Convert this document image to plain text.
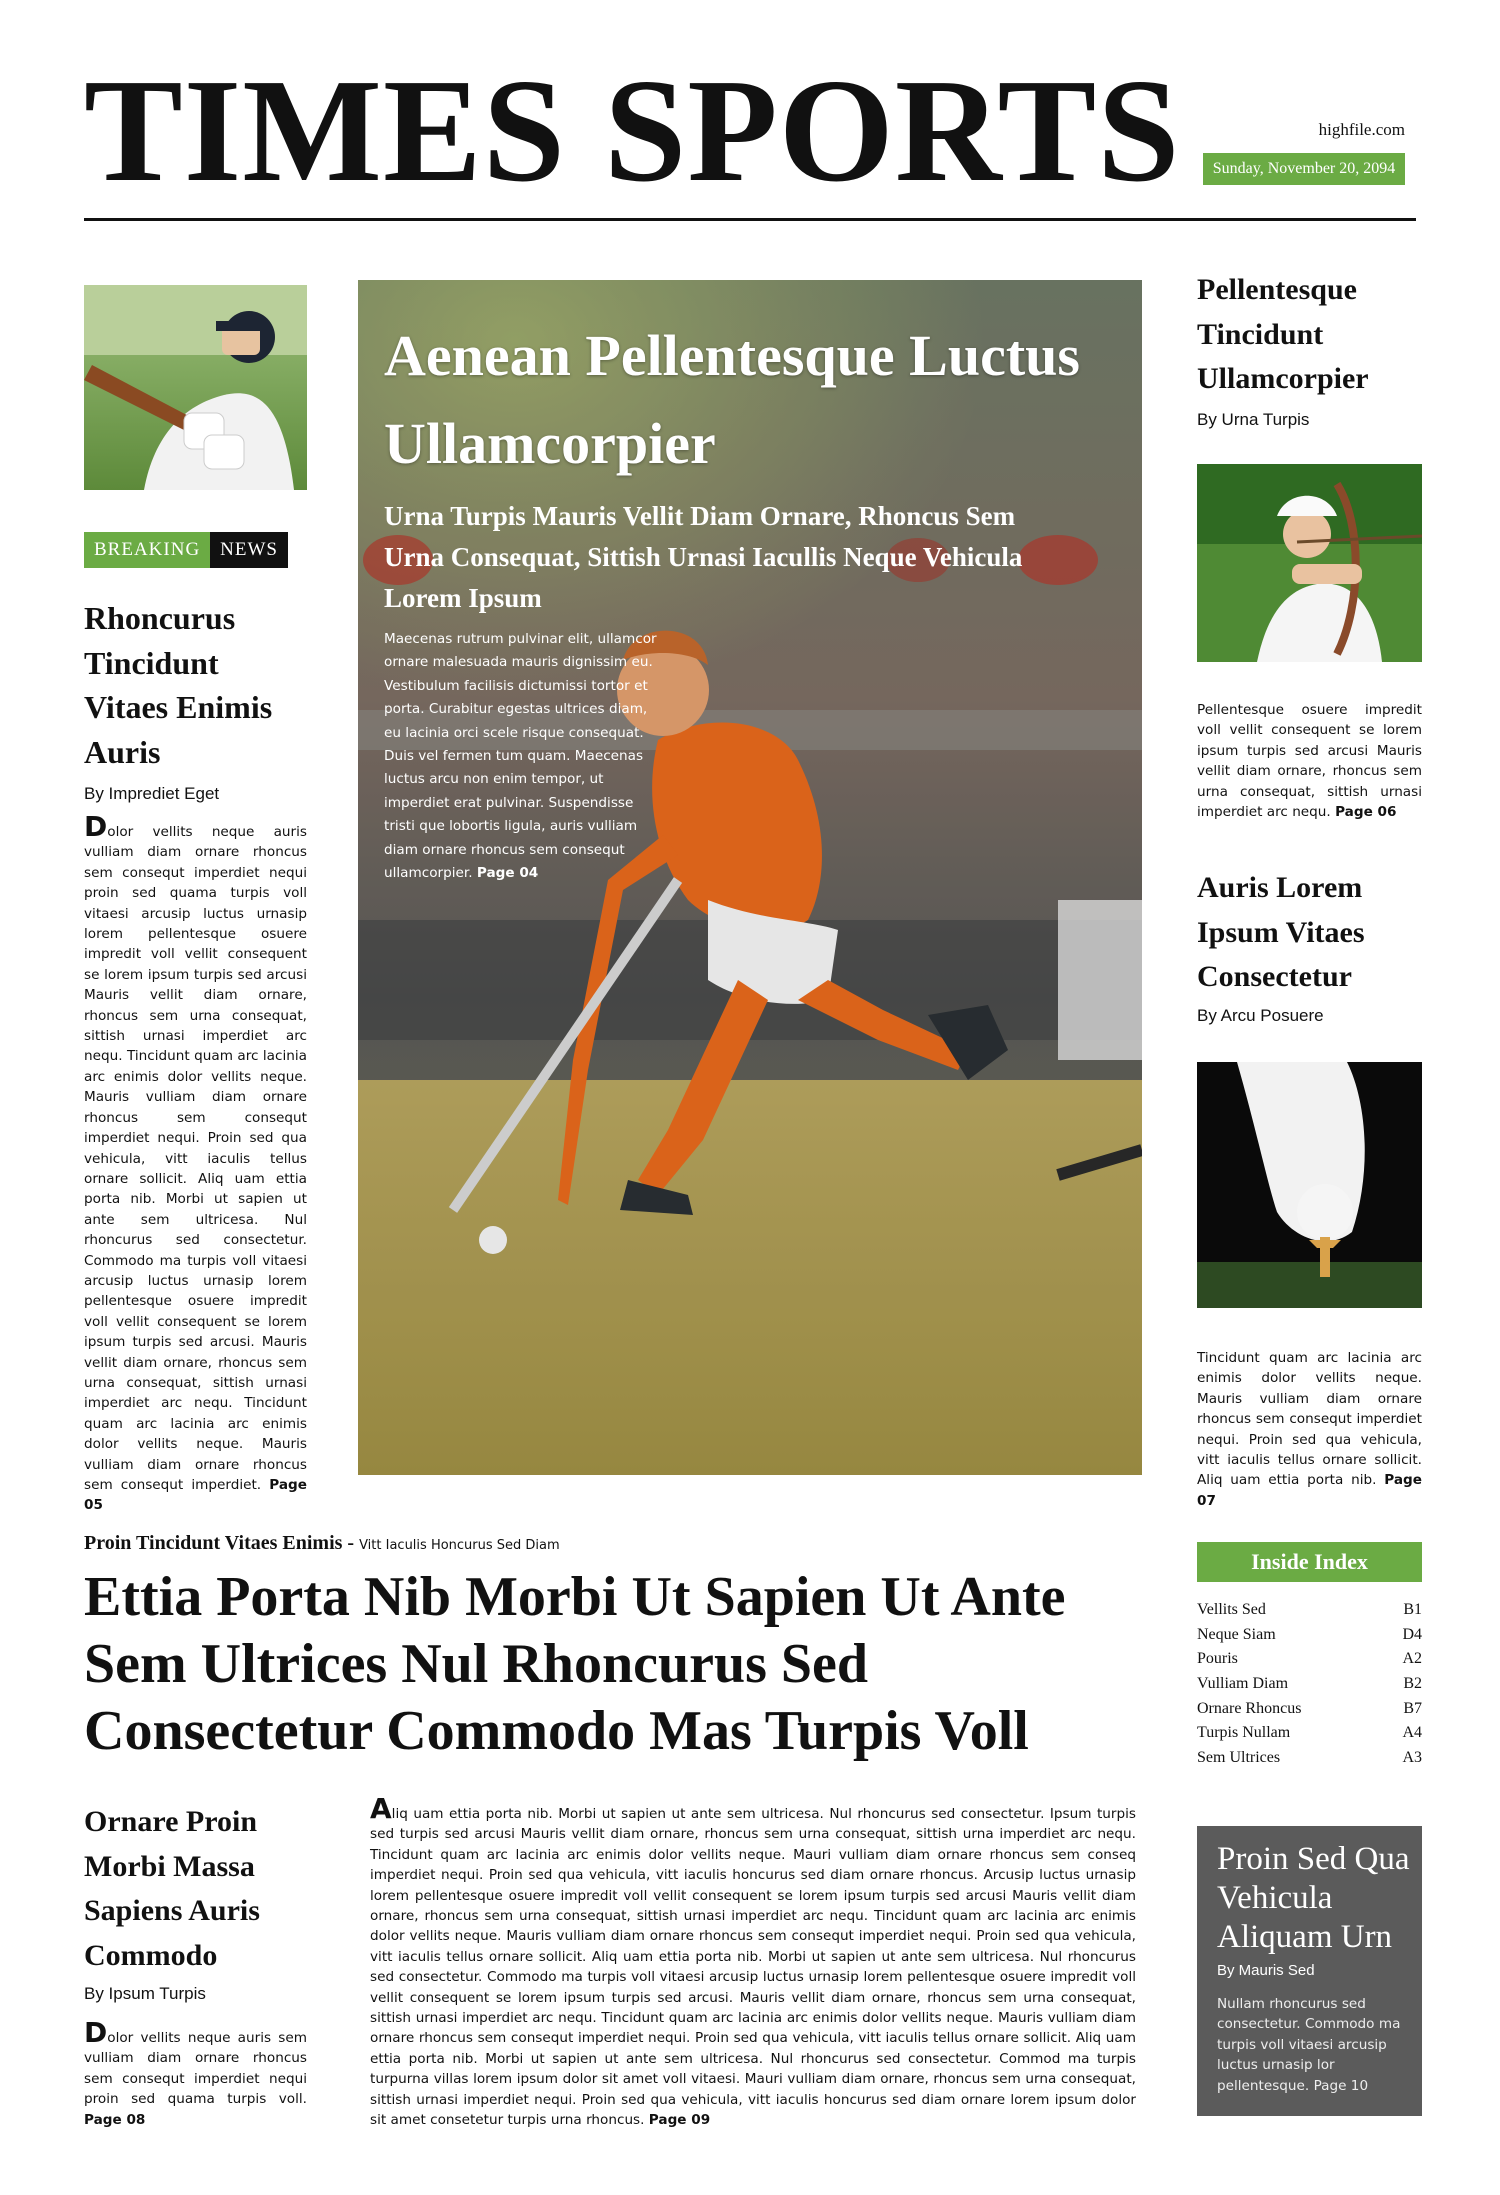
TIMES SPORTS	highfile.com
Sunday, November 20, 2094
BREAKING	NEWS
Rhoncurus Tincidunt Vitaes Enimis Auris
By Imprediet Eget
Dolor vellits neque auris vulliam diam ornare rhoncus sem consequt imperdiet nequi proin sed quama turpis voll vitaesi arcusip luctus urnasip lorem pellentesque osuere impredit voll vellit consequent se lorem ipsum turpis sed arcusi Mauris vellit diam ornare, rhoncus sem urna consequat, sittish urnasi imperdiet arc nequ. Tincidunt quam arc lacinia arc enimis dolor vellits neque. Mauris vulliam diam ornare rhoncus sem consequt imperdiet nequi. Proin sed qua vehicula, vitt iaculis tellus ornare sollicit. Aliq uam ettia porta nib. Morbi ut sapien ut ante sem ultricesa. Nul rhoncurus sed consectetur. Commodo ma turpis voll vitaesi arcusip luctus urnasip lorem pellentesque osuere impredit voll vellit consequent se lorem ipsum turpis sed arcusi. Mauris vellit diam ornare, rhoncus sem urna consequat, sittish urnasi imperdiet arc nequ. Tincidunt quam arc lacinia arc enimis dolor vellits neque. Mauris vulliam diam ornare rhoncus sem consequt imperdiet. Page 05
Aenean Pellentesque Luctus Ullamcorpier
Urna Turpis Mauris Vellit Diam Ornare, Rhoncus Sem Urna Consequat, Sittish Urnasi Iacullis Neque Vehicula Lorem Ipsum
Maecenas rutrum pulvinar elit, ullamcor ornare malesuada mauris dignissim eu. Vestibulum facilisis dictumissi tortor et porta. Curabitur egestas ultrices diam, eu lacinia orci scele risque consequat. Duis vel fermen tum quam. Maecenas luctus arcu non enim tempor, ut imperdiet erat pulvinar. Suspendisse tristi que lobortis ligula, auris vulliam diam ornare rhoncus sem consequt ullamcorpier. Page 04
Pellentesque Tincidunt Ullamcorpier
By Urna Turpis
Pellentesque osuere impredit voll vellit consequent se lorem ipsum turpis sed arcusi Mauris vellit diam ornare, rhoncus sem urna consequat, sittish urnasi imperdiet arc nequ. Page 06
Auris Lorem Ipsum Vitaes Consectetur
By Arcu Posuere
Tincidunt quam arc lacinia arc enimis dolor vellits neque. Mauris vulliam diam ornare rhoncus sem consequt imperdiet nequi. Proin sed qua vehicula, vitt iaculis tellus ornare sollicit. Aliq uam ettia porta nib. Page 07
Proin Tincidunt Vitaes Enimis - Vitt Iaculis Honcurus Sed Diam
Ettia Porta Nib Morbi Ut Sapien Ut Ante Sem Ultrices Nul Rhoncurus Sed Consectetur Commodo Mas Turpis Voll
Ornare Proin Morbi Massa Sapiens Auris Commodo
By Ipsum Turpis
Dolor vellits neque auris sem vulliam diam ornare rhoncus sem consequt imperdiet nequi proin sed quama turpis voll. Page 08
Aliq uam ettia porta nib. Morbi ut sapien ut ante sem ultricesa. Nul rhoncurus sed consectetur. Ipsum turpis sed turpis sed arcusi Mauris vellit diam ornare, rhoncus sem urna consequat, sittish urna imperdiet arc nequ. Tincidunt quam arc lacinia arc enimis dolor vellits neque. Mauri vulliam diam ornare rhoncus sem conseq imperdiet nequi. Proin sed qua vehicula, vitt iaculis honcurus sed diam ornare rhoncus. Arcusip luctus urnasip lorem pellentesque osuere impredit voll vellit consequent se lorem ipsum turpis sed arcusi Mauris vellit diam ornare, rhoncus sem urna consequat, sittish urnasi imperdiet arc nequ. Tincidunt quam arc lacinia arc enimis dolor vellits neque. Mauris vulliam diam ornare rhoncus sem consequt imperdiet nequi. Proin sed qua vehicula, vitt iaculis tellus ornare sollicit. Aliq uam ettia porta nib. Morbi ut sapien ut ante sem ultricesa. Nul rhoncurus sed consectetur. Commodo ma turpis voll vitaesi arcusip luctus urnasip lorem pellentesque osuere impredit voll vellit consequent se lorem ipsum turpis sed arcusi. Mauris vellit diam ornare, rhoncus sem urna consequat, sittish urnasi imperdiet arc nequ. Tincidunt quam arc lacinia arc enimis dolor vellits neque. Mauris vulliam diam ornare rhoncus sem consequt imperdiet nequi. Proin sed qua vehicula, vitt iaculis tellus ornare sollicit. Aliq uam ettia porta nib. Morbi ut sapien ut ante sem ultricesa. Nul rhoncurus sed consectetur. Commod ma turpis turpurna villas lorem ipsum dolor sit amet voll vitaesi. Mauri vulliam diam ornare, rhoncus sem urna consequat, sittish urnasi imperdiet nequi. Proin sed qua vehicula, vitt iaculis honcurus sed diam ornare lorem ipsum dolor sit amet consetetur turpis urna rhoncus. Page 09
Inside Index
Vellits Sed	B1
Neque Siam	D4
Pouris	A2
Vulliam Diam	B2
Ornare Rhoncus	B7
Turpis Nullam	A4
Sem Ultrices	A3
Proin Sed Qua Vehicula Aliquam Urn
By Mauris Sed
Nullam rhoncurus sed consectetur. Commodo ma turpis voll vitaesi arcusip luctus urnasip lor pellentesque. Page 10
